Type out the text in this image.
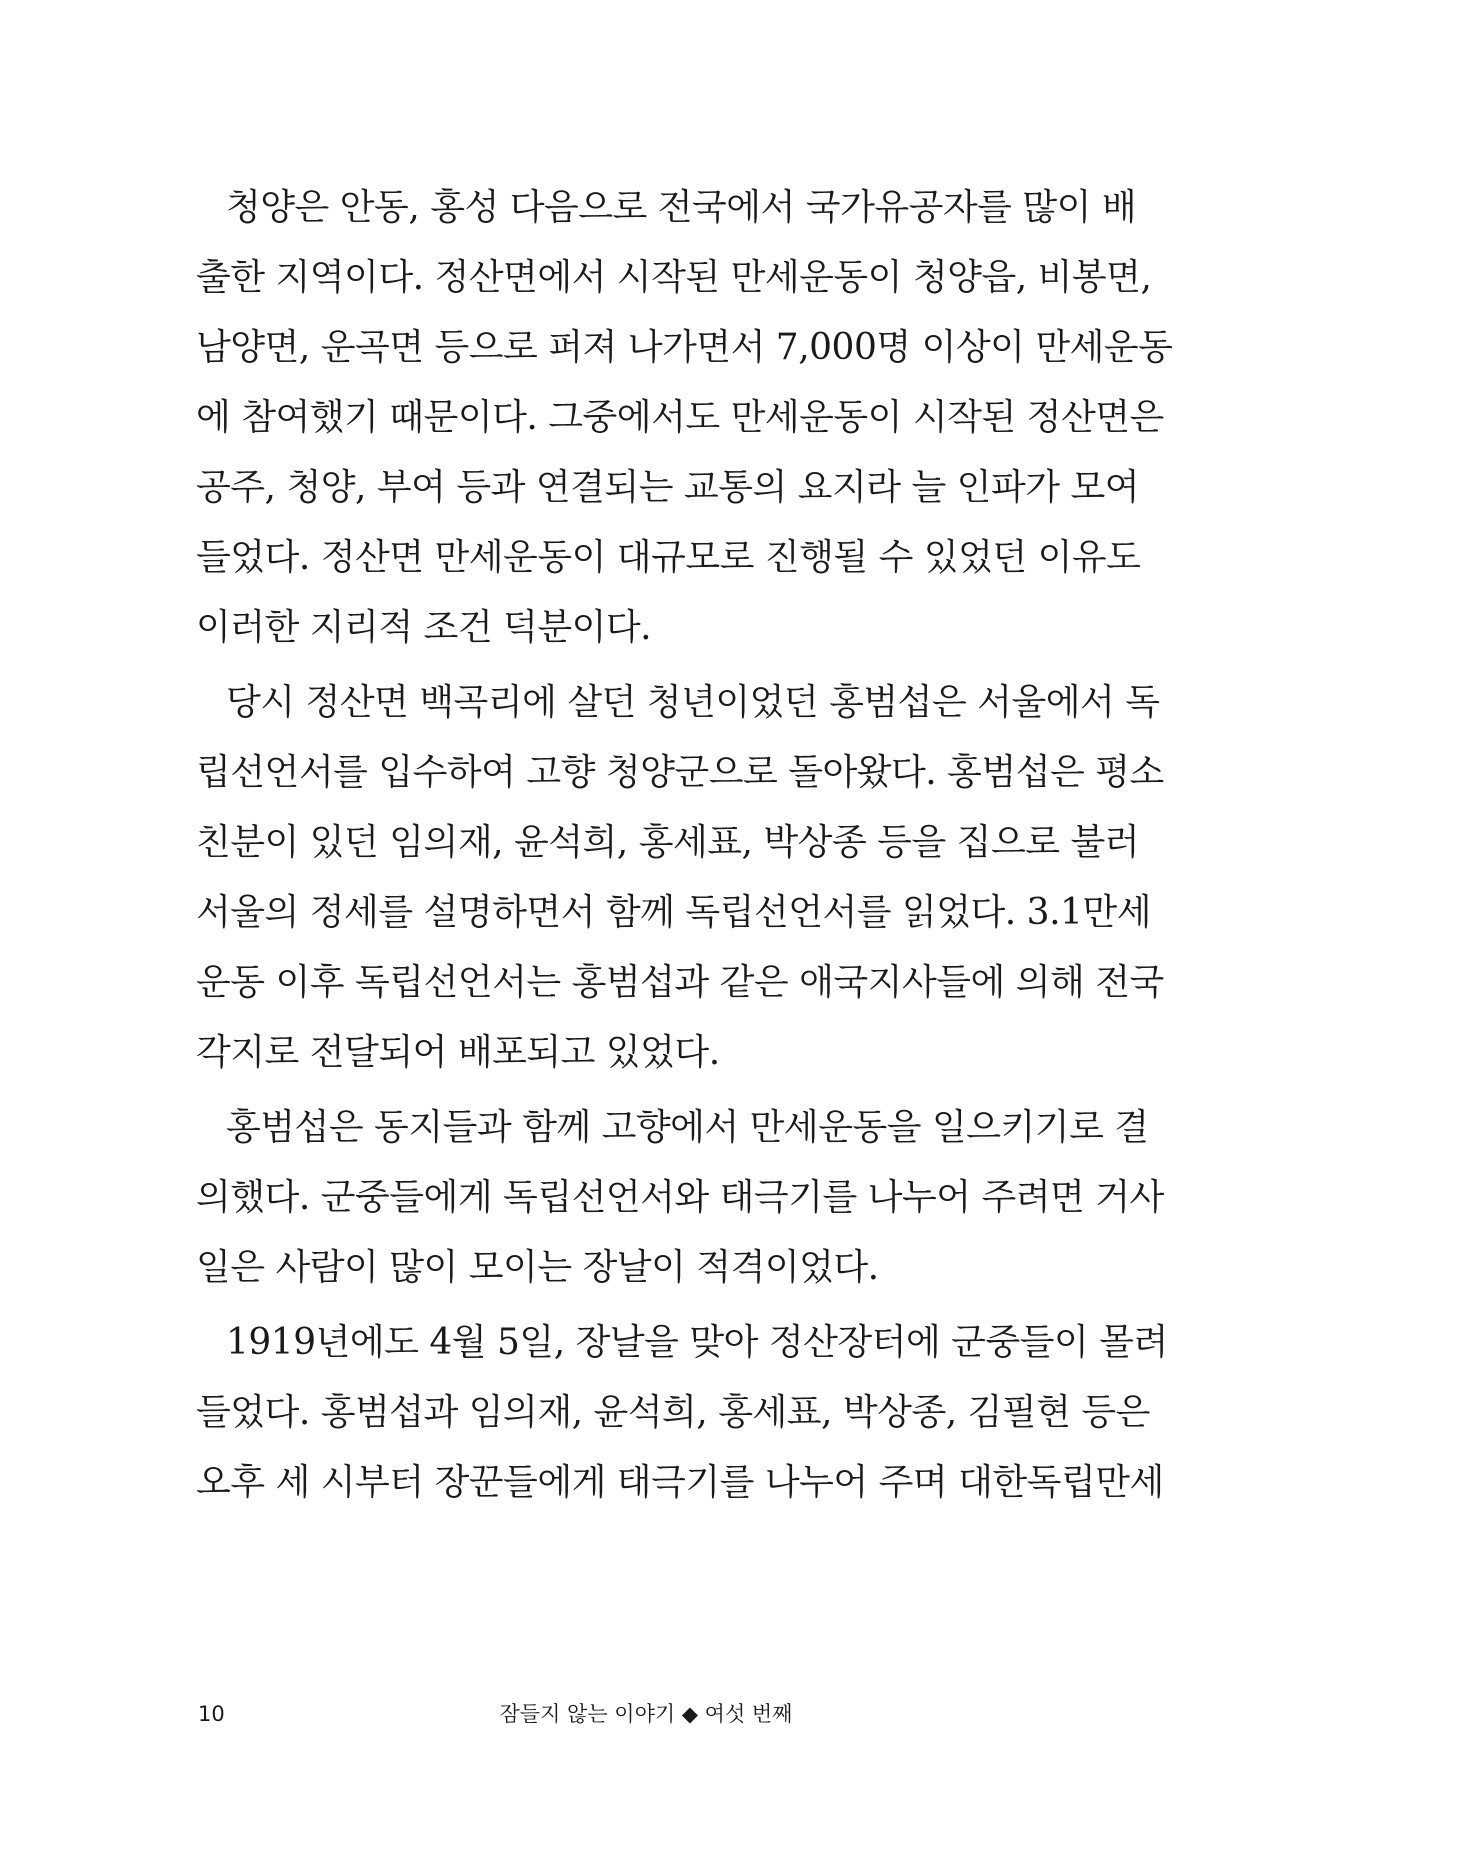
청양은 안동, 홍성 다음으로 전국에서 국가유공자를 많이 배
출한 지역이다. 정산면에서 시작된 만세운동이 청양읍, 비봉면,
남양면, 운곡면 등으로 퍼져 나가면서 7,000명 이상이 만세운동
에 참여했기 때문이다. 그중에서도 만세운동이 시작된 정산면은
공주, 청양, 부여 등과 연결되는 교통의 요지라 늘 인파가 모여
들었다. 정산면 만세운동이 대규모로 진행될 수 있었던 이유도
이러한 지리적 조건 덕분이다.
당시 정산면 백곡리에 살던 청년이었던 홍범섭은 서울에서 독
립선언서를 입수하여 고향 청양군으로 돌아왔다. 홍범섭은 평소
친분이 있던 임의재, 윤석희, 홍세표, 박상종 등을 집으로 불러
서울의 정세를 설명하면서 함께 독립선언서를 읽었다. 3.1만세
운동 이후 독립선언서는 홍범섭과 같은 애국지사들에 의해 전국
각지로 전달되어 배포되고 있었다.
홍범섭은 동지들과 함께 고향에서 만세운동을 일으키기로 결
의했다. 군중들에게 독립선언서와 태극기를 나누어 주려면 거사
일은 사람이 많이 모이는 장날이 적격이었다.
1919년에도 4월 5일, 장날을 맞아 정산장터에 군중들이 몰려
들었다. 홍범섭과 임의재, 윤석희, 홍세표, 박상종, 김필현 등은
오후 세 시부터 장꾼들에게 태극기를 나누어 주며 대한독립만세
10	잠들지 않는 이야기 ◆ 여섯 번째
